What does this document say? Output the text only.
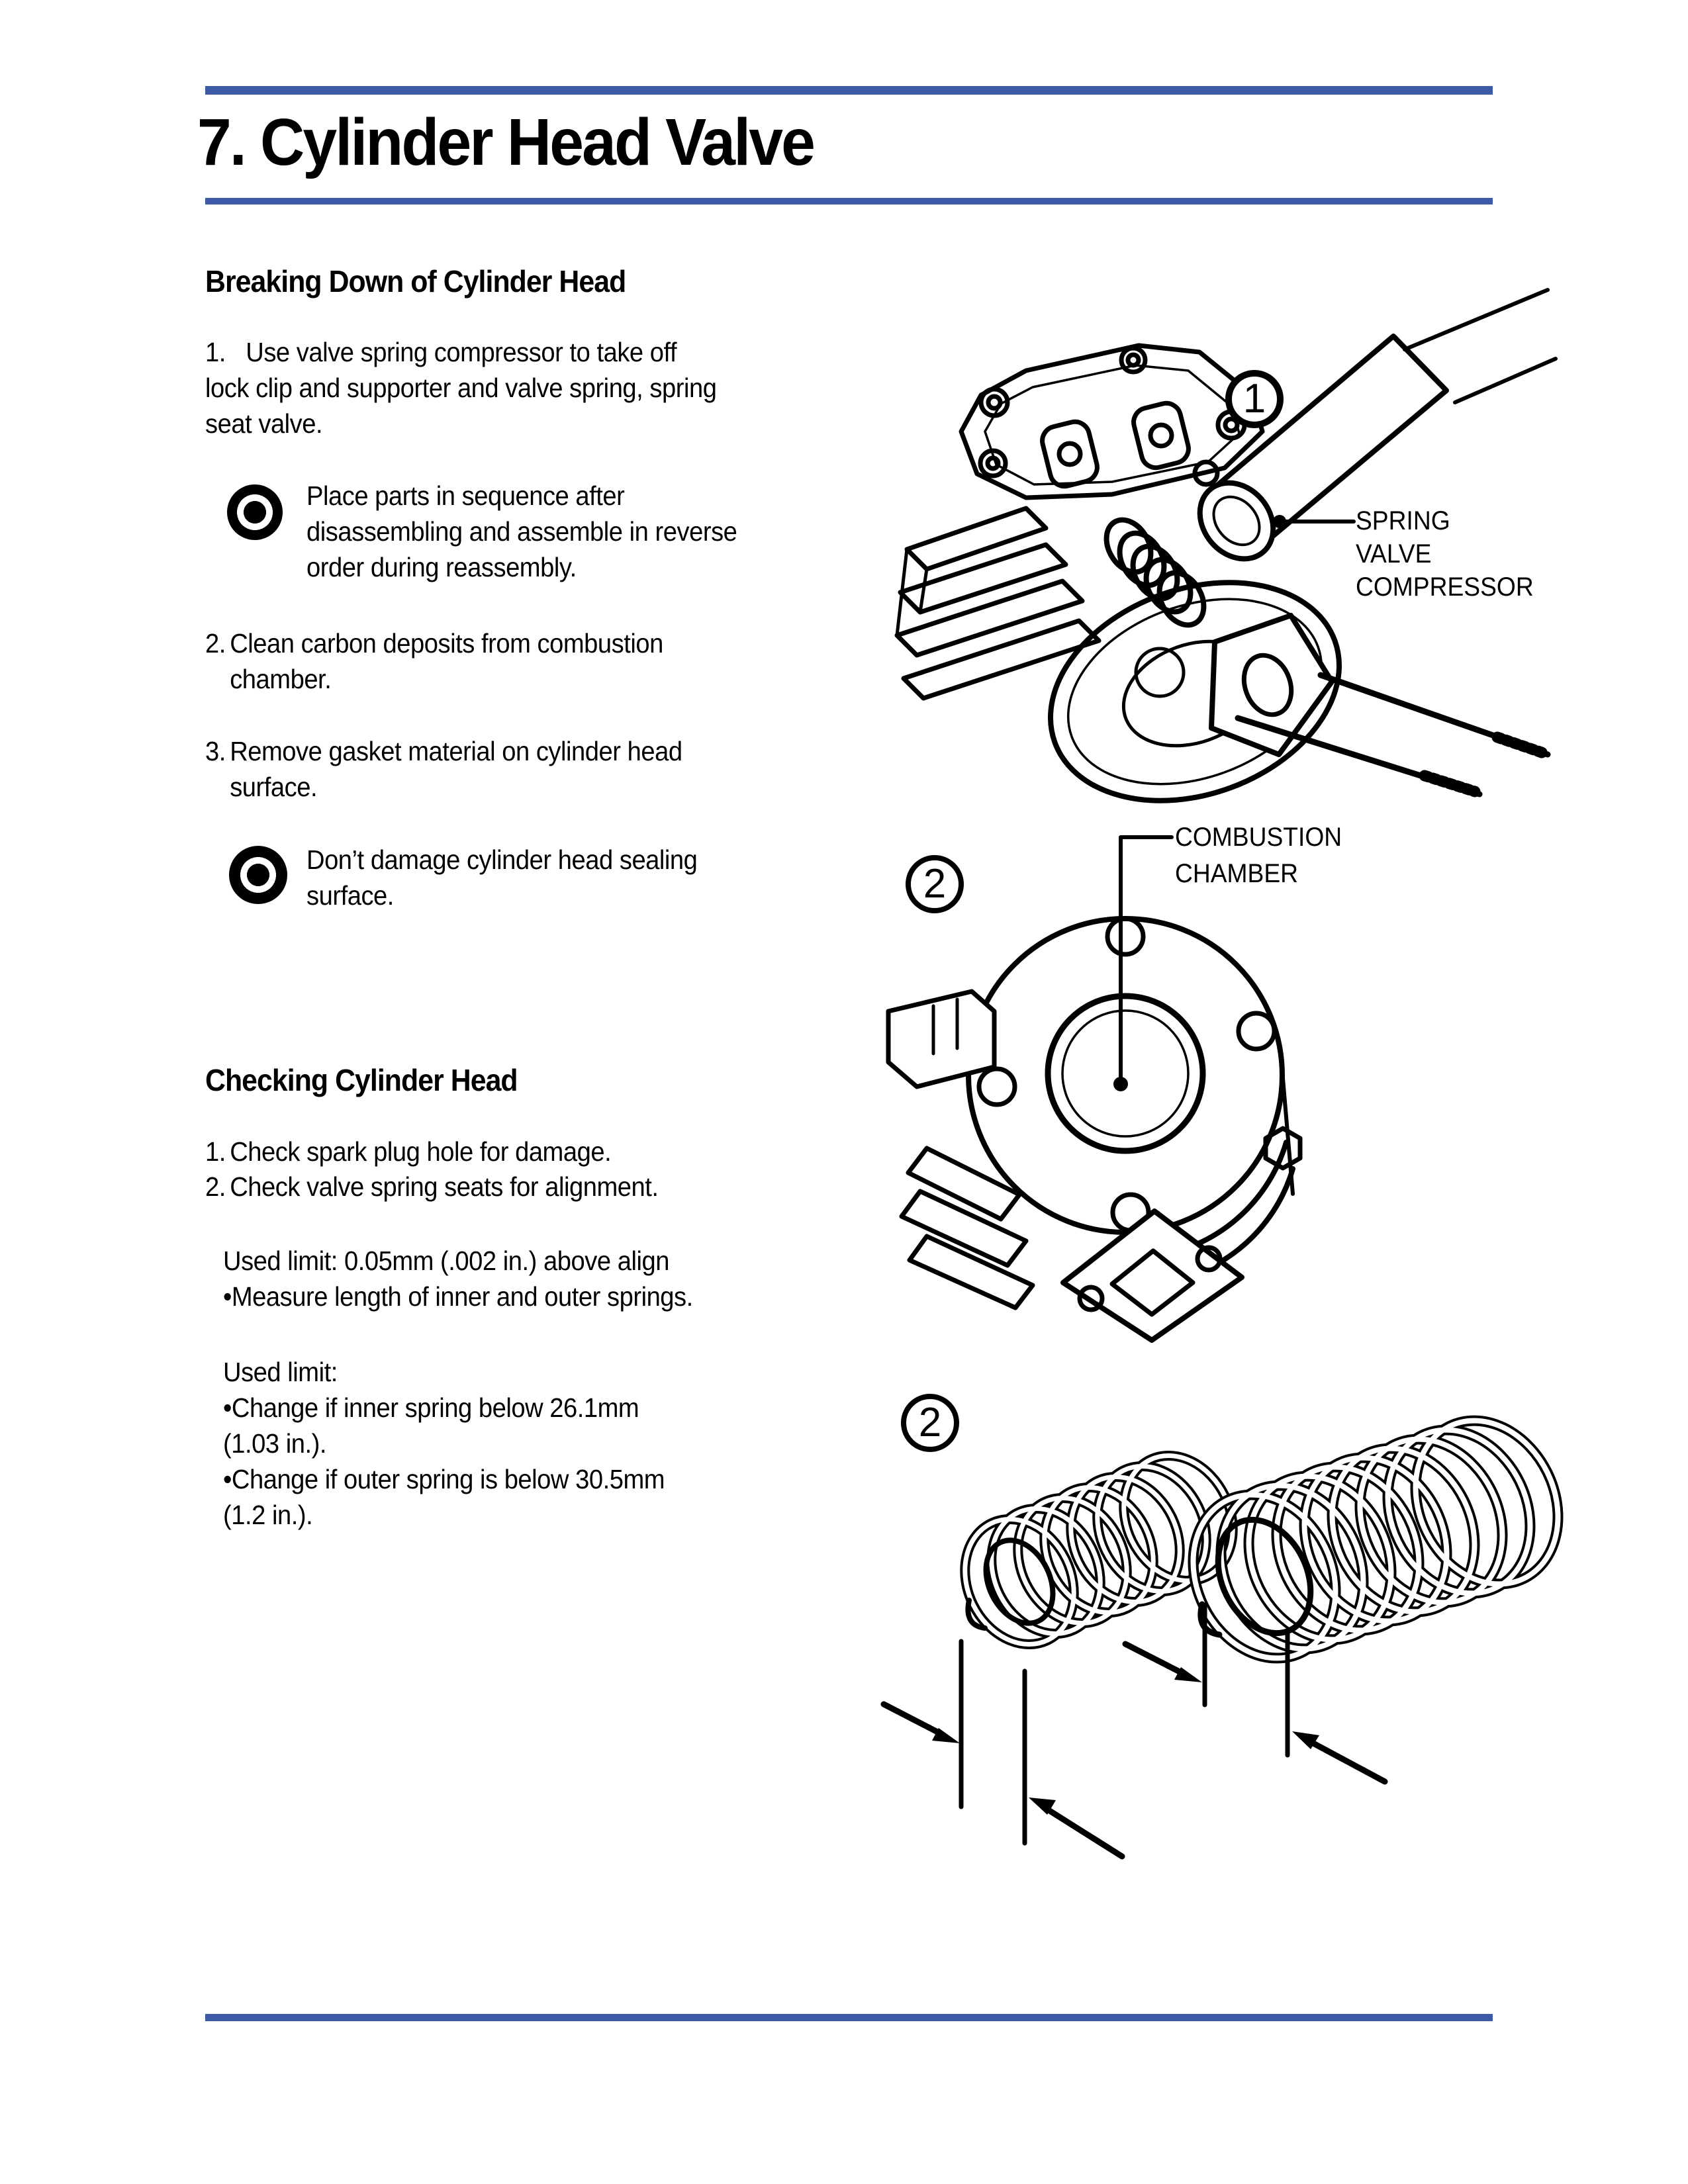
7. Cylinder Head Valve
Breaking Down of Cylinder Head
1.   Use valve spring compressor to take off
lock clip and supporter and valve spring, spring
seat valve.
Place parts in sequence after
disassembling and assemble in reverse
order during reassembly.
2. Clean carbon deposits from combustion
chamber.
3. Remove gasket material on cylinder head
surface.
Don’t damage cylinder head sealing
surface.
Checking Cylinder Head
1. Check spark plug hole for damage.
2. Check valve spring seats for alignment.
Used limit: 0.05mm (.002 in.) above align
•Measure length of inner and outer springs.
Used limit:
•Change if inner spring below 26.1mm
(1.03 in.).
•Change if outer spring is below 30.5mm
(1.2 in.).
1
SPRING
VALVE
COMPRESSOR
2
COMBUSTION
CHAMBER
2
